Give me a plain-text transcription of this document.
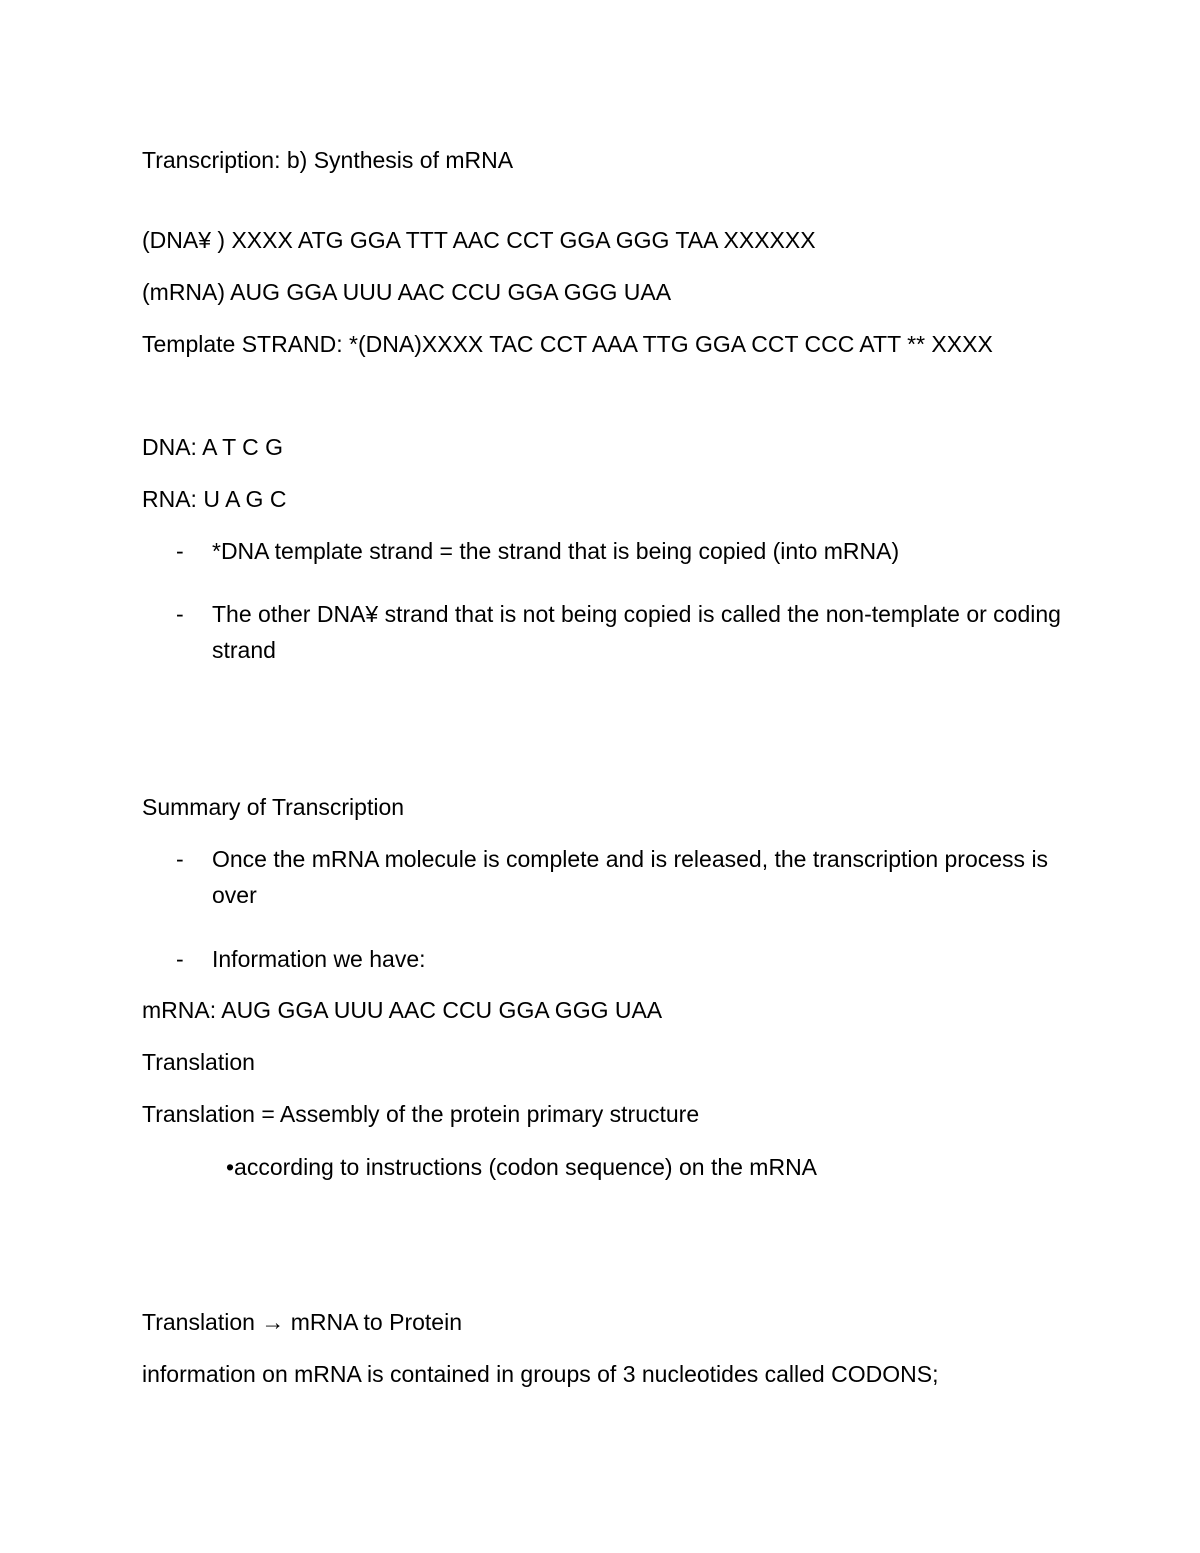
Transcription: b) Synthesis of mRNA
(DNA¥ ) XXXX ATG GGA TTT AAC CCT GGA GGG TAA XXXXXX
(mRNA) AUG GGA UUU AAC CCU GGA GGG UAA
Template STRAND: *(DNA)XXXX TAC CCT AAA TTG GGA CCT CCC ATT ** XXXX
DNA: A T C G
RNA: U A G C
- *DNA template strand = the strand that is being copied (into mRNA)
- The other DNA¥ strand that is not being copied is called the non-template or coding strand
Summary of Transcription
- Once the mRNA molecule is complete and is released, the transcription process is over
- Information we have:
mRNA: AUG GGA UUU AAC CCU GGA GGG UAA
Translation
Translation = Assembly of the protein primary structure
•according to instructions (codon sequence) on the mRNA
Translation → mRNA to Protein
information on mRNA is contained in groups of 3 nucleotides called CODONS;
